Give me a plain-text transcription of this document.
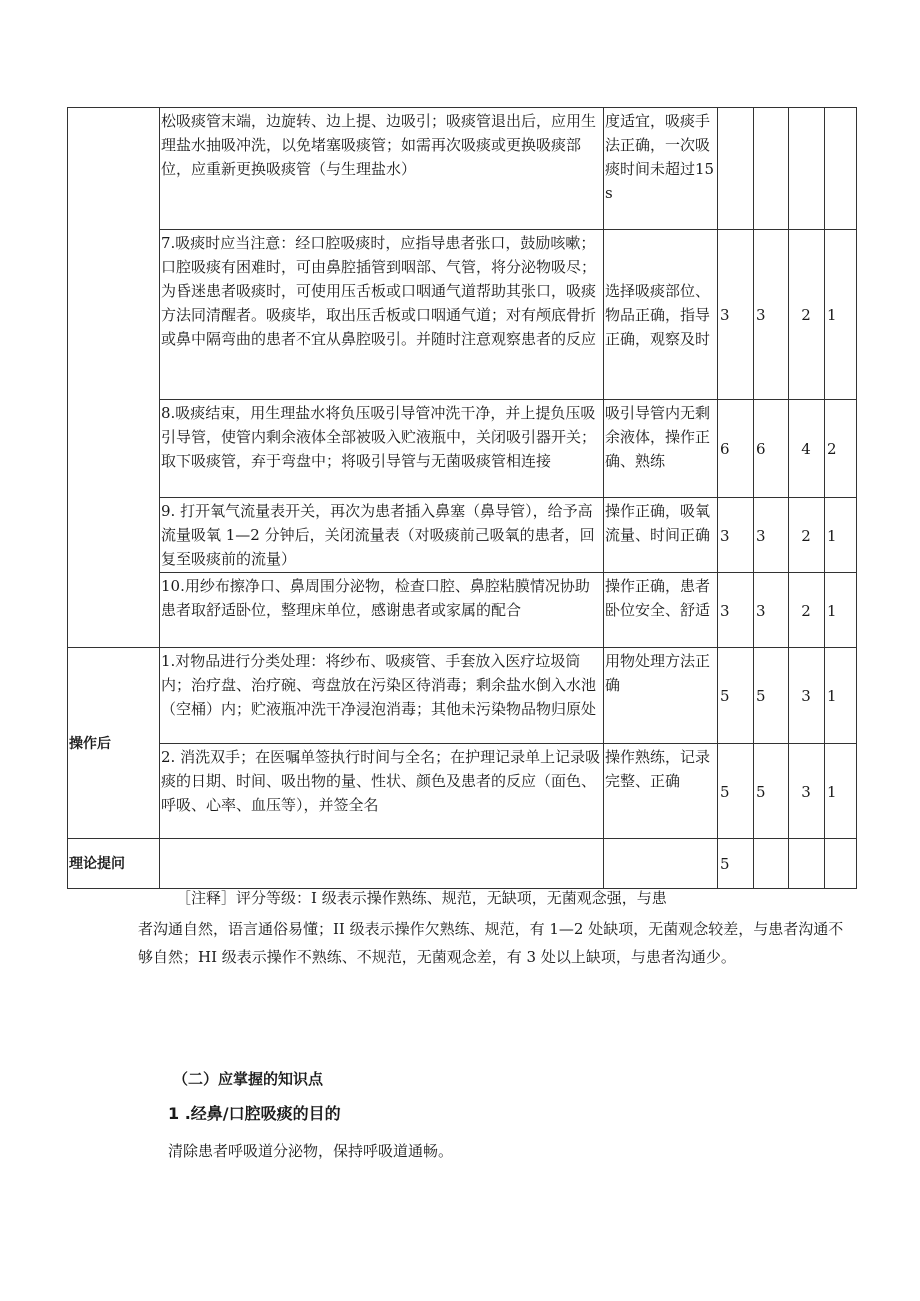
	松吸痰管末端，边旋转、边上提、边吸引；吸痰管退出后，应用生理盐水抽吸冲洗，以免堵塞吸痰管；如需再次吸痰或更换吸痰部位，应重新更换吸痰管（与生理盐水）	度适宜，吸痰手法正确，一次吸痰时间未超过15s				
	7.吸痰时应当注意：经口腔吸痰时，应指导患者张口，鼓励咳嗽；口腔吸痰有困难时，可由鼻腔插管到咽部、气管，将分泌物吸尽；为昏迷患者吸痰时，可使用压舌板或口咽通气道帮助其张口，吸痰方法同清醒者。吸痰毕，取出压舌板或口咽通气道；对有颅底骨折或鼻中隔弯曲的患者不宜从鼻腔吸引。并随时注意观察患者的反应	选择吸痰部位、物品正确，指导正确，观察及时	3	3	2	1
	8.吸痰结束，用生理盐水将负压吸引导管冲洗干净，并上提负压吸引导管，使管内剩余液体全部被吸入贮液瓶中，关闭吸引器开关；取下吸痰管，弃于弯盘中；将吸引导管与无菌吸痰管相连接	吸引导管内无剩余液体，操作正确、熟练	6	6	4	2
	9. 打开氧气流量表开关，再次为患者插入鼻塞（鼻导管），给予高流量吸氧 1—2 分钟后，关闭流量表（对吸痰前己吸氧的患者，回复至吸痰前的流量）	操作正确，吸氧流量、时间正确	3	3	2	1
	10.用纱布擦净口、鼻周围分泌物，检查口腔、鼻腔粘膜情况协助患者取舒适卧位，整理床单位，感谢患者或家属的配合	操作正确，患者卧位安全、舒适	3	3	2	1
操作后	1.对物品进行分类处理：将纱布、吸痰管、手套放入医疗垃圾筒内；治疗盘、治疗碗、弯盘放在污染区待消毒；剩余盐水倒入水池（空桶）内；贮液瓶冲洗干净浸泡消毒；其他未污染物品物归原处	用物处理方法正确	5	5	3	1
	2. 消洗双手；在医嘱单签执行时间与全名；在护理记录单上记录吸痰的日期、时间、吸出物的量、性状、颜色及患者的反应（面色、呼吸、心率、血压等），并签全名	操作熟练，记录完整、正确	5	5	3	1
理论提问			5			
［注释］评分等级：I 级表示操作熟练、规范，无缺项，无菌观念强，与患
者沟通自然，语言通俗易懂；II 级表示操作欠熟练、规范，有 1—2 处缺项，无菌观念较差，与患者沟通不够自然；HI 级表示操作不熟练、不规范，无菌观念差，有 3 处以上缺项，与患者沟通少。
（二）应掌握的知识点
1 .经鼻/口腔吸痰的目的
清除患者呼吸道分泌物，保持呼吸道通畅。
